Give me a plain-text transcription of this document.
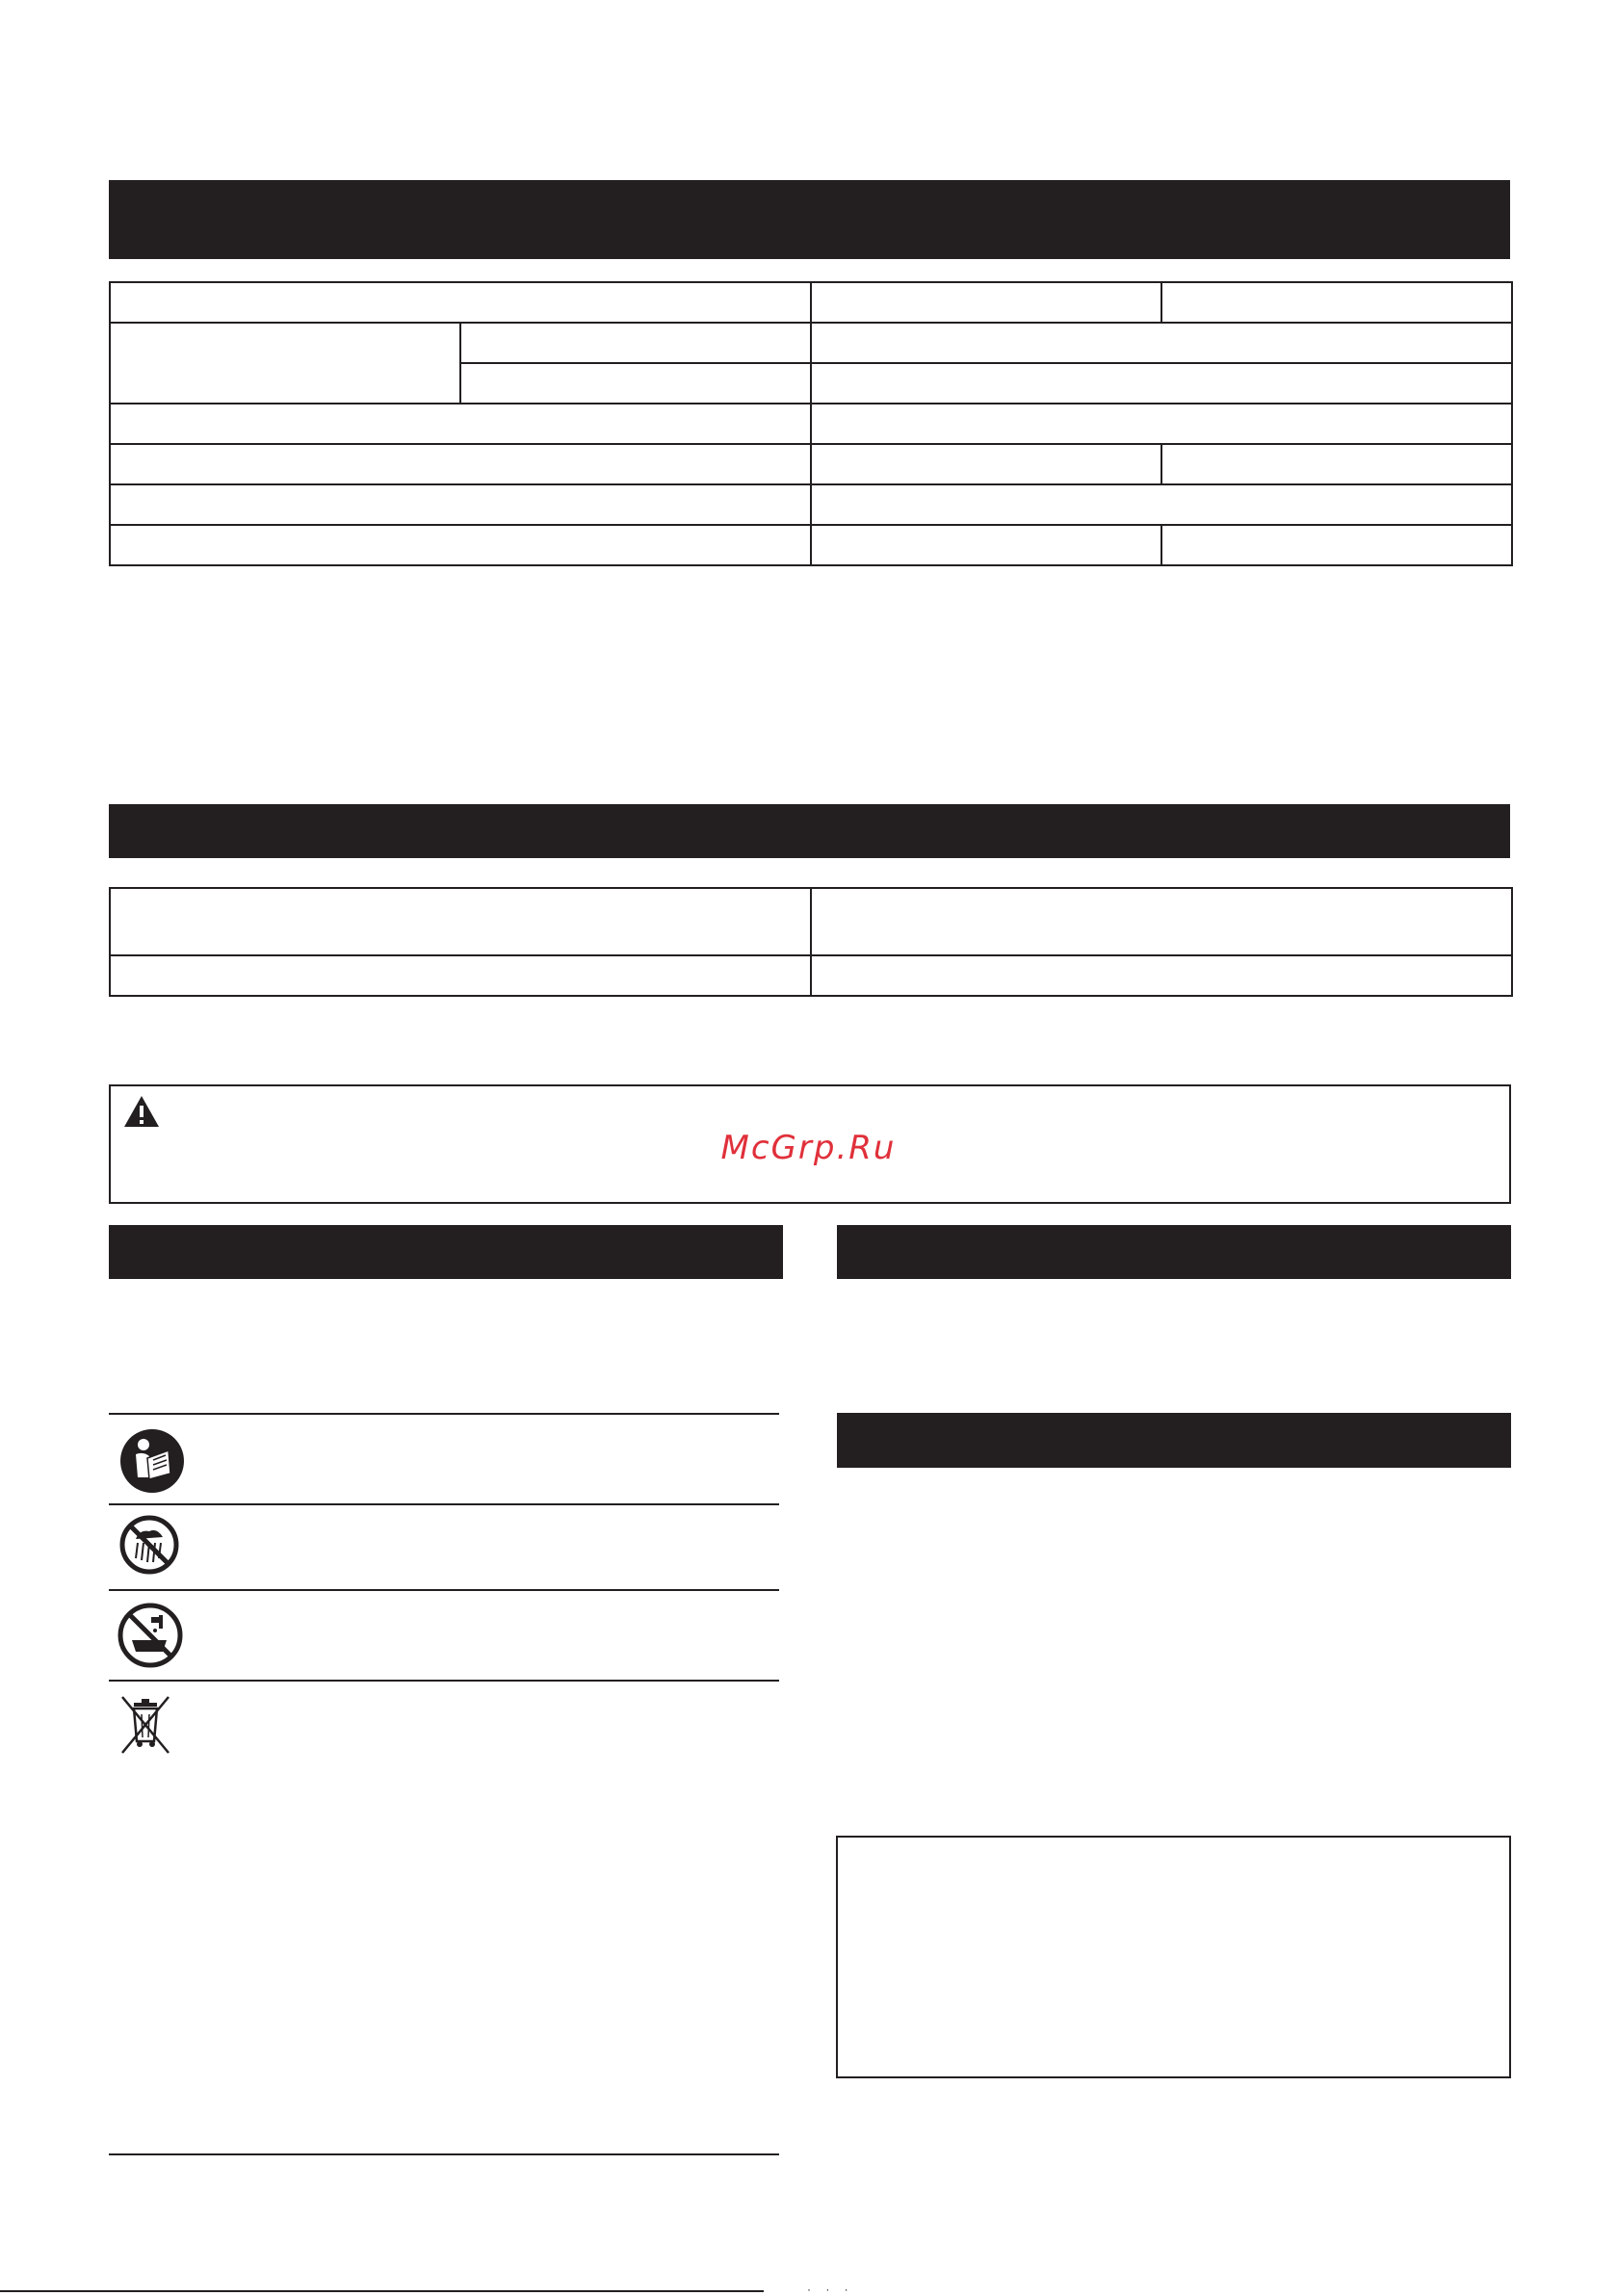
McGrp.Ru
· · ·
